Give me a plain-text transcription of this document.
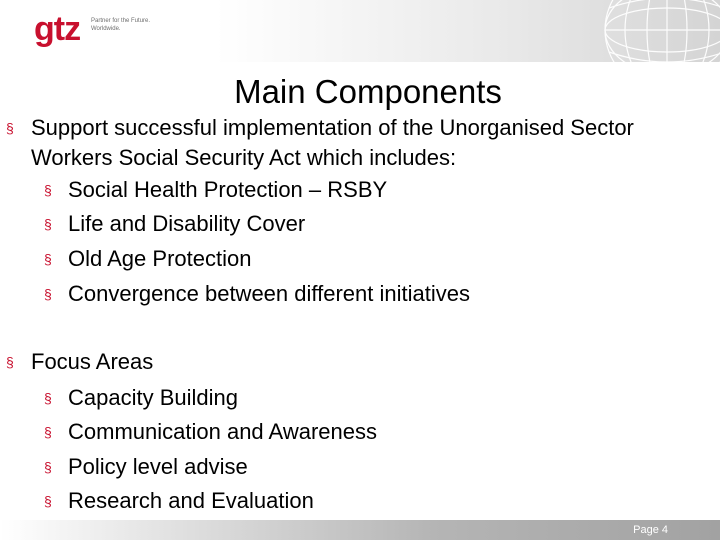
gtz Partner for the Future.
Worldwide.
Main Components
§ Support successful implementation of the Unorganised Sector
Workers Social Security Act which includes:
§ Social Health Protection – RSBY
§ Life and Disability Cover
§ Old Age Protection
§ Convergence between different initiatives
§ Focus Areas
§ Capacity Building
§ Communication and Awareness
§ Policy level advise
§ Research and Evaluation
Page 4
